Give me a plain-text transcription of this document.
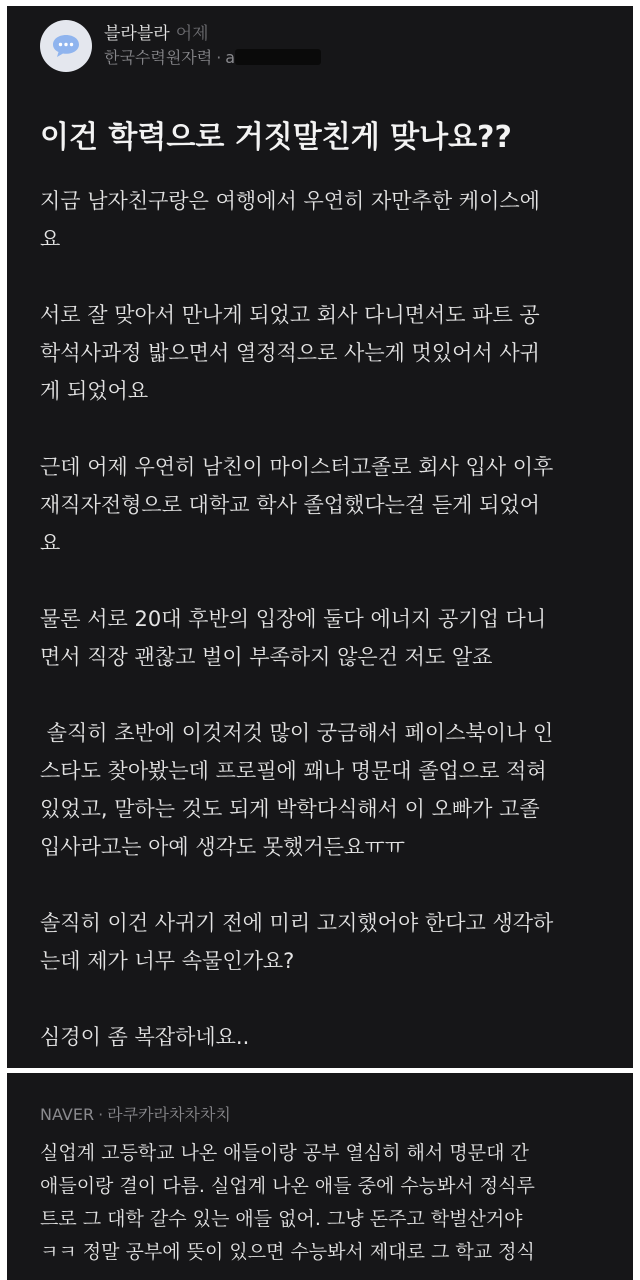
블라블라 어제
한국수력원자력 · a
이건 학력으로 거짓말친게 맞나요??

지금 남자친구랑은 여행에서 우연히 자만추한 케이스에
요

서로 잘 맞아서 만나게 되었고 회사 다니면서도 파트 공
학석사과정 밟으면서 열정적으로 사는게 멋있어서 사귀
게 되었어요

근데 어제 우연히 남친이 마이스터고졸로 회사 입사 이후
재직자전형으로 대학교 학사 졸업했다는걸 듣게 되었어
요

물론 서로 20대 후반의 입장에 둘다 에너지 공기업 다니
면서 직장 괜찮고 벌이 부족하지 않은건 저도 알죠

솔직히 초반에 이것저것 많이 궁금해서 페이스북이나 인
스타도 찾아봤는데 프로필에 꽤나 명문대 졸업으로 적혀
있었고, 말하는 것도 되게 박학다식해서 이 오빠가 고졸
입사라고는 아예 생각도 못했거든요ㅠㅠ

솔직히 이건 사귀기 전에 미리 고지했어야 한다고 생각하
는데 제가 너무 속물인가요?

심경이 좀 복잡하네요..

NAVER · 라쿠카라차차차치
실업계 고등학교 나온 애들이랑 공부 열심히 해서 명문대 간
애들이랑 결이 다름. 실업계 나온 애들 중에 수능봐서 정식루
트로 그 대학 갈수 있는 애들 없어. 그냥 돈주고 학벌산거야
ㅋㅋ 정말 공부에 뜻이 있으면 수능봐서 제대로 그 학교 정식
